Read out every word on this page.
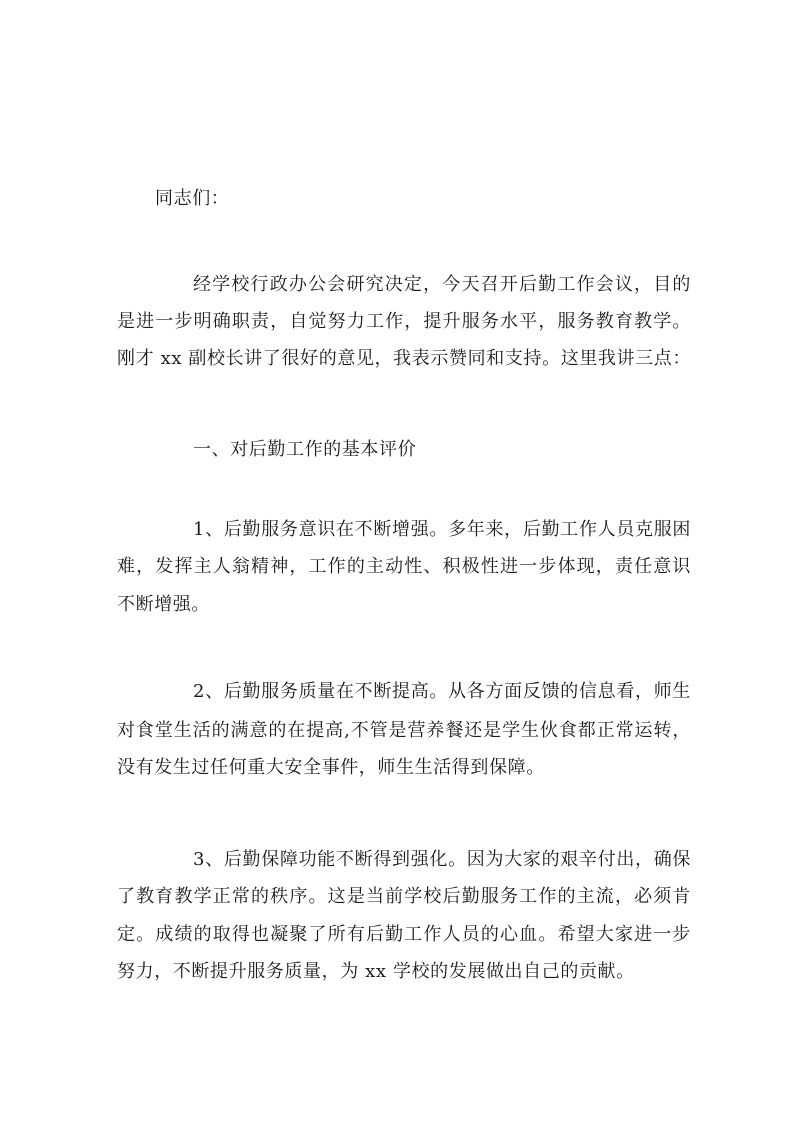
同志们：
经学校行政办公会研究决定，今天召开后勤工作会议，目的
是进一步明确职责，自觉努力工作，提升服务水平，服务教育教学。
刚才 xx 副校长讲了很好的意见，我表示赞同和支持。这里我讲三点：
一、对后勤工作的基本评价
1、后勤服务意识在不断增强。多年来，后勤工作人员克服困
难，发挥主人翁精神，工作的主动性、积极性进一步体现，责任意识
不断增强。
2、后勤服务质量在不断提高。从各方面反馈的信息看，师生
对食堂生活的满意的在提高,不管是营养餐还是学生伙食都正常运转，
没有发生过任何重大安全事件，师生生活得到保障。
3、后勤保障功能不断得到强化。因为大家的艰辛付出，确保
了教育教学正常的秩序。这是当前学校后勤服务工作的主流，必须肯
定。成绩的取得也凝聚了所有后勤工作人员的心血。希望大家进一步
努力，不断提升服务质量，为 xx 学校的发展做出自己的贡献。
